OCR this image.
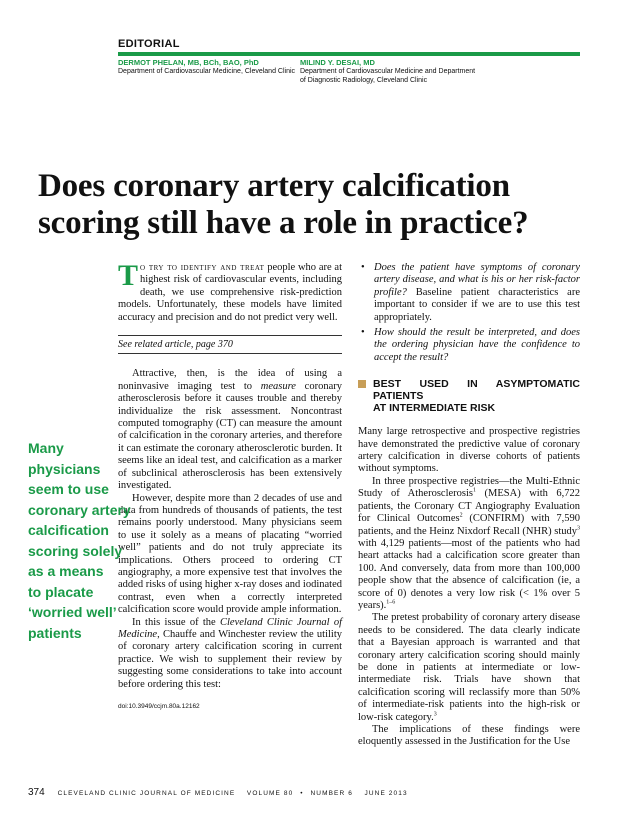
EDITORIAL
DERMOT PHELAN, MB, BCh, BAO, PhD
Department of Cardiovascular Medicine, Cleveland Clinic
MILIND Y. DESAI, MD
Department of Cardiovascular Medicine and Department
of Diagnostic Radiology, Cleveland Clinic
Does coronary artery calcification
scoring still have a role in practice?

To try to identify and treat people who are at highest risk of cardiovascular events, including death, we use comprehensive risk-prediction models. Unfortunately, these models have limited accuracy and precision and do not predict very well.

See related article, page 370

Attractive, then, is the idea of using a noninvasive imaging test to measure coronary atherosclerosis before it causes trouble and thereby individualize the risk assessment. Noncontrast computed tomography (CT) can measure the amount of calcification in the coronary arteries, and therefore it can estimate the coronary atherosclerotic burden. It seems like an ideal test, and calcification as a marker of subclinical atherosclerosis has been extensively investigated.

However, despite more than 2 decades of use and data from hundreds of thousands of patients, the test remains poorly understood. Many physicians seem to use it solely as a means of placating “worried well” patients and do not truly appreciate its implications. Others proceed to ordering CT angiography, a more expensive test that involves the added risks of using higher x-ray doses and iodinated contrast, even when a correctly interpreted calcification score would provide ample information.

In this issue of the Cleveland Clinic Journal of Medicine, Chauffe and Winchester review the utility of coronary artery calcification scoring in current practice. We wish to supplement their review by suggesting some considerations to take into account before ordering this test:

doi:10.3949/ccjm.80a.12162
• Does the patient have symptoms of coronary artery disease, and what is his or her risk-factor profile? Baseline patient characteristics are important to consider if we are to use this test appropriately.
• How should the result be interpreted, and does the ordering physician have the confidence to accept the result?
BEST USED IN ASYMPTOMATIC PATIENTS
AT INTERMEDIATE RISK

Many large retrospective and prospective registries have demonstrated the predictive value of coronary artery calcification in diverse cohorts of patients without symptoms.

In three prospective registries—the Multi-Ethnic Study of Atherosclerosis$^1$ (MESA) with 6,722 patients, the Coronary CT Angiography Evaluation for Clinical Outcomes$^2$ (CONFIRM) with 7,590 patients, and the Heinz Nixdorf Recall (NHR) study$^3$ with 4,129 patients—most of the patients who had heart attacks had a calcification score greater than 100. And conversely, data from more than 100,000 people show that the absence of calcification (ie, a score of 0) denotes a very low risk (< 1% over 5 years).$^{1-6}$

The pretest probability of coronary artery disease needs to be considered. The data clearly indicate that a Bayesian approach is warranted and that coronary artery calcification scoring should mainly be done in patients at intermediate or low-intermediate risk. Trials have shown that calcification scoring will reclassify more than 50% of intermediate-risk patients into the high-risk or low-risk category.$^3$

The implications of these findings were eloquently assessed in the Justification for the Use

Many
physicians
seem to use
coronary artery
calcification
scoring solely
as a means
to placate
‘worried well’
patients
374 CLEVELAND CLINIC JOURNAL OF MEDICINE VOLUME 80 • NUMBER 6 JUNE 2013
